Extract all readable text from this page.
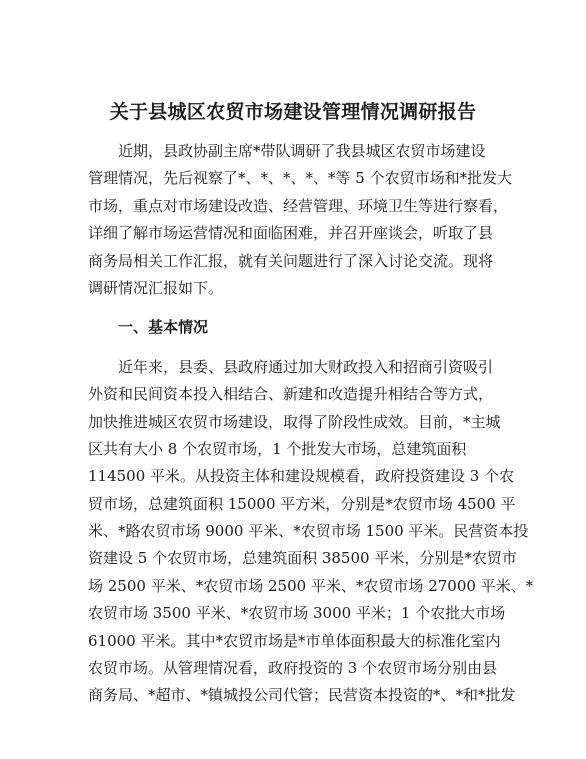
关于县城区农贸市场建设管理情况调研报告
近期，县政协副主席*带队调研了我县城区农贸市场建设
管理情况，先后视察了*、*、*、*、*等 5 个农贸市场和*批发大
市场，重点对市场建设改造、经营管理、环境卫生等进行察看，
详细了解市场运营情况和面临困难，并召开座谈会，听取了县
商务局相关工作汇报，就有关问题进行了深入讨论交流。现将
调研情况汇报如下。
一、基本情况
近年来，县委、县政府通过加大财政投入和招商引资吸引
外资和民间资本投入相结合、新建和改造提升相结合等方式，
加快推进城区农贸市场建设，取得了阶段性成效。目前，*主城
区共有大小 8 个农贸市场，1 个批发大市场，总建筑面积
114500 平米。从投资主体和建设规模看，政府投资建设 3 个农
贸市场，总建筑面积 15000 平方米，分别是*农贸市场 4500 平
米、*路农贸市场 9000 平米、*农贸市场 1500 平米。民营资本投
资建设 5 个农贸市场，总建筑面积 38500 平米，分别是*农贸市
场 2500 平米、*农贸市场 2500 平米、*农贸市场 27000 平米、*
农贸市场 3500 平米、*农贸市场 3000 平米；1 个农批大市场
61000 平米。其中*农贸市场是*市单体面积最大的标准化室内
农贸市场。从管理情况看，政府投资的 3 个农贸市场分别由县
商务局、*超市、*镇城投公司代管；民营资本投资的*、*和*批发
